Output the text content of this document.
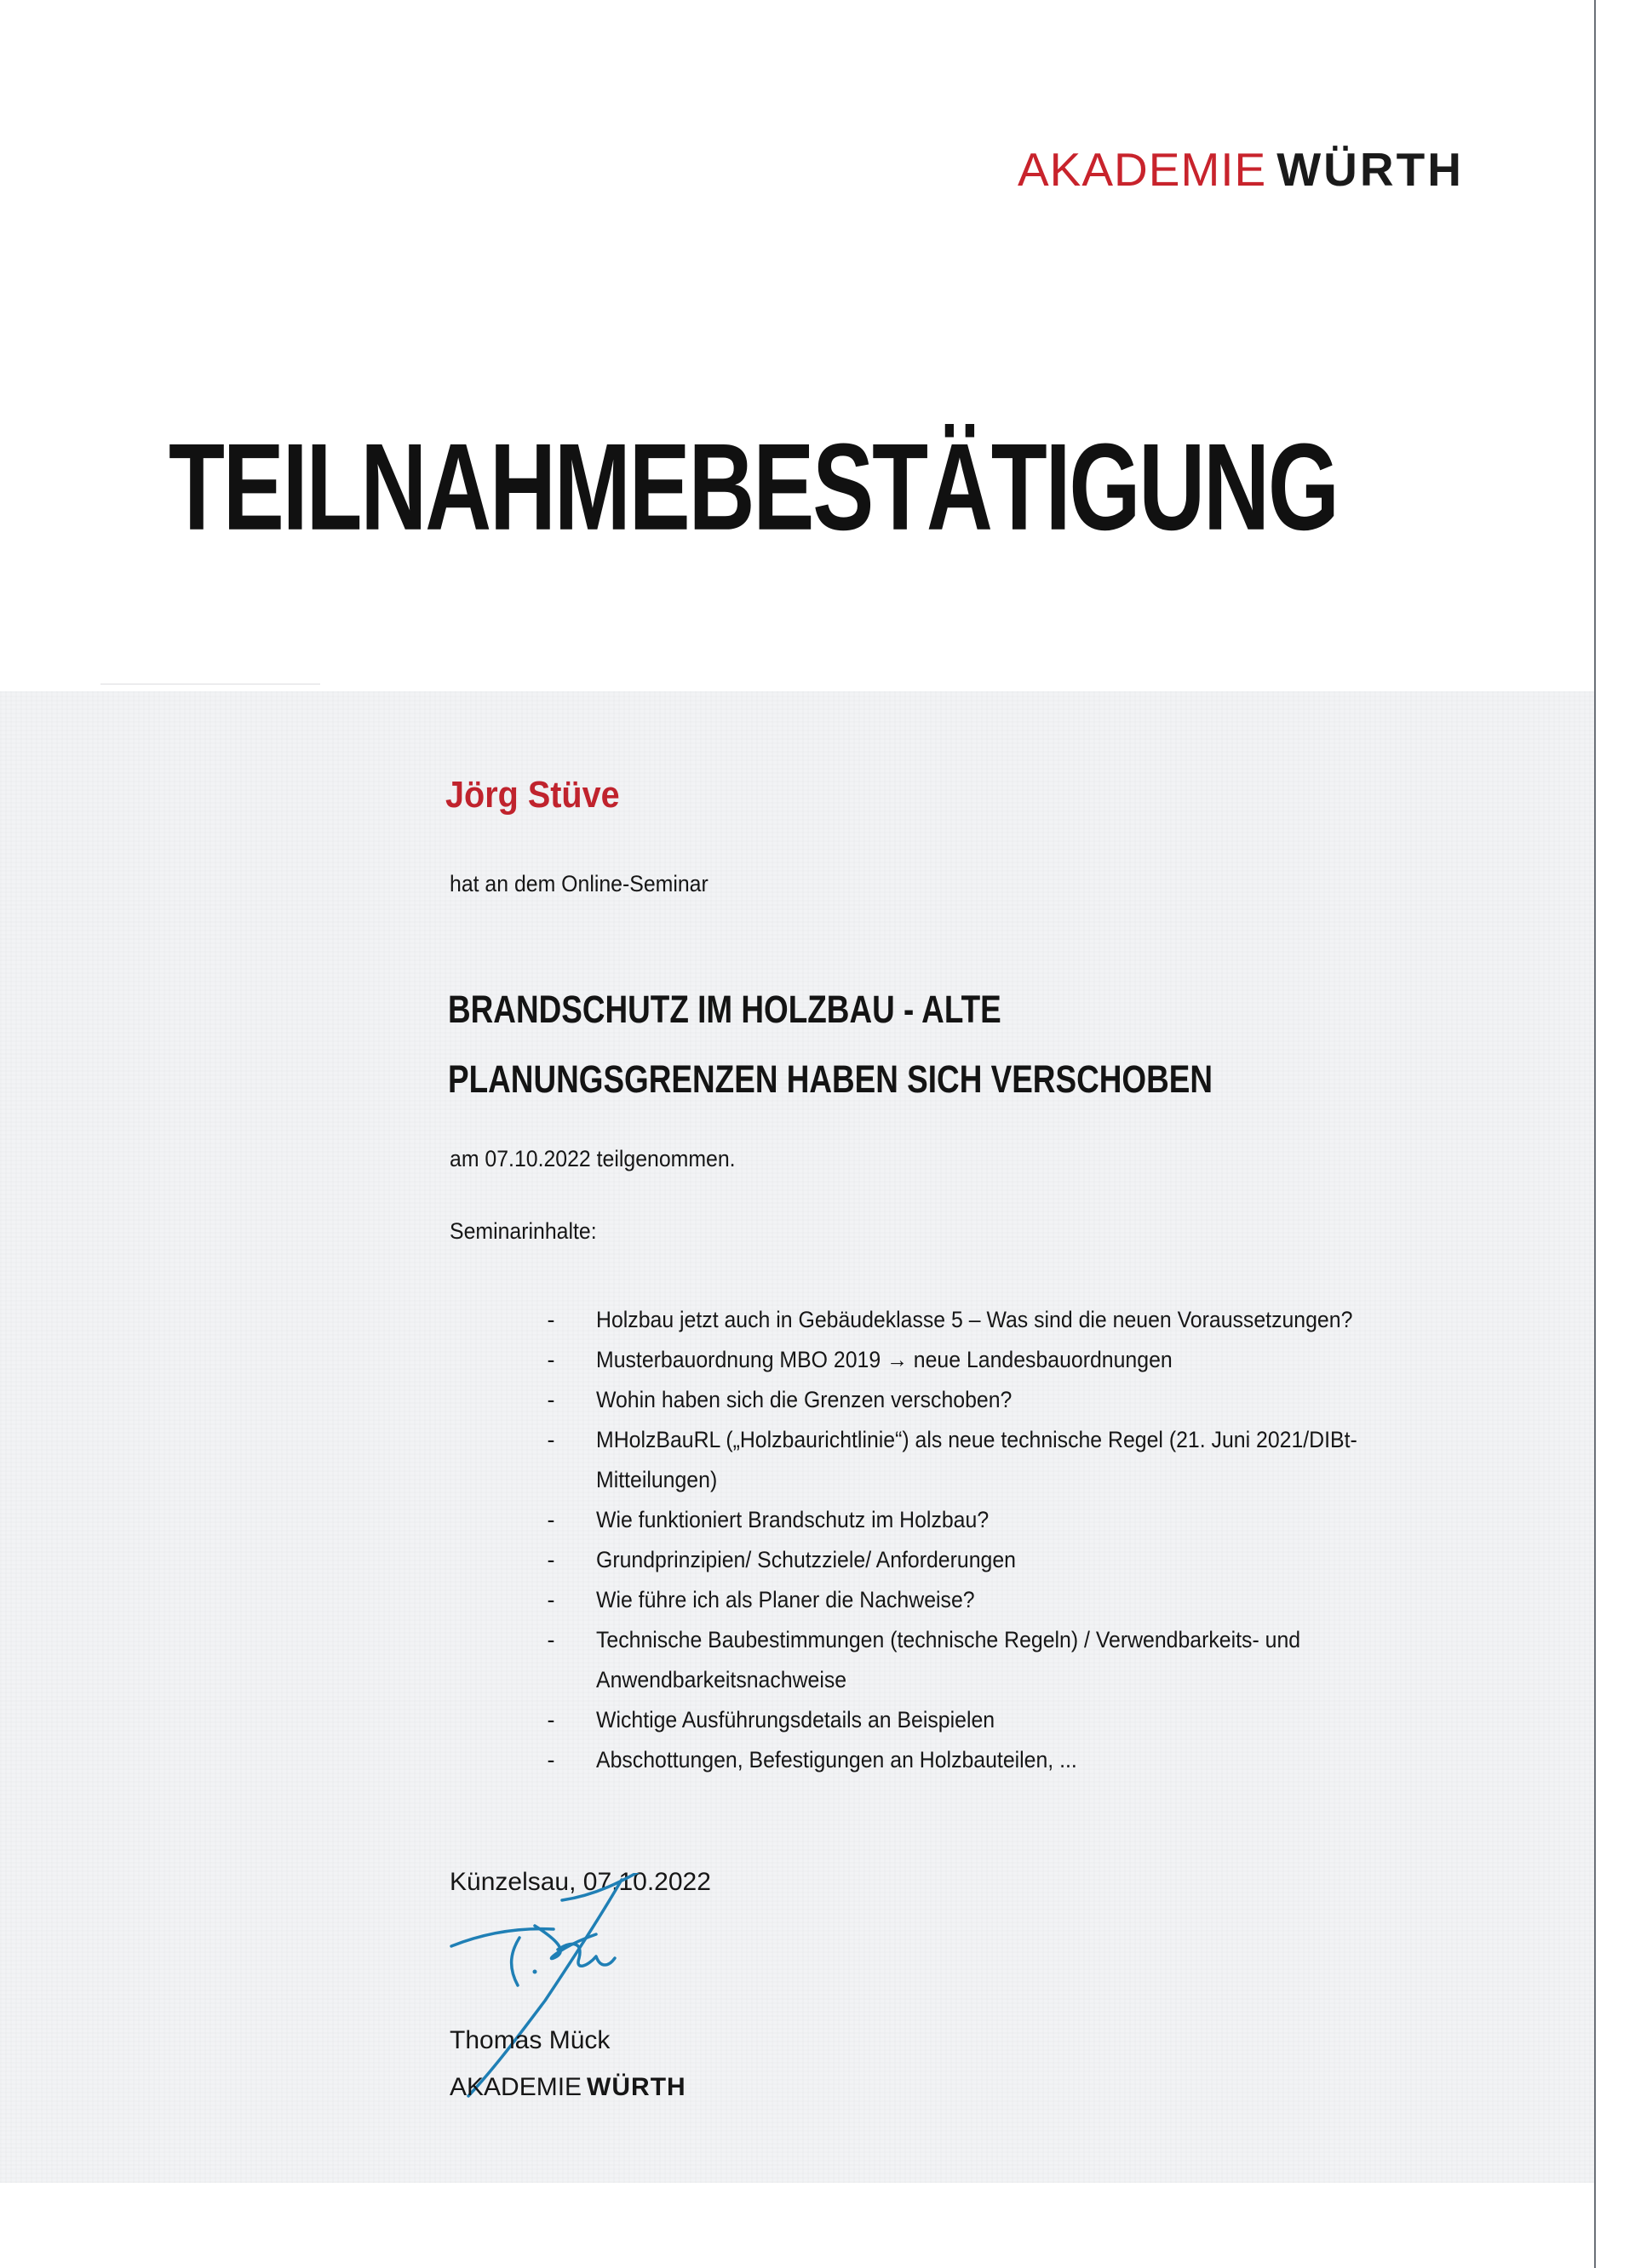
AKADEMIE WÜRTH
TEILNAHMEBESTÄTIGUNG
Jörg Stüve
hat an dem Online-Seminar
BRANDSCHUTZ IM HOLZBAU - ALTE
PLANUNGSGRENZEN HABEN SICH VERSCHOBEN
am 07.10.2022 teilgenommen.
Seminarinhalte:
- Holzbau jetzt auch in Gebäudeklasse 5 – Was sind die neuen Voraussetzungen?
- Musterbauordnung MBO 2019 → neue Landesbauordnungen
- Wohin haben sich die Grenzen verschoben?
- MHolzBauRL („Holzbaurichtlinie“) als neue technische Regel (21. Juni 2021/DIBt-Mitteilungen)
- Wie funktioniert Brandschutz im Holzbau?
- Grundprinzipien/ Schutzziele/ Anforderungen
- Wie führe ich als Planer die Nachweise?
- Technische Baubestimmungen (technische Regeln) / Verwendbarkeits- und Anwendbarkeitsnachweise
- Wichtige Ausführungsdetails an Beispielen
- Abschottungen, Befestigungen an Holzbauteilen, ...
Künzelsau, 07.10.2022
Thomas Mück
AKADEMIE WÜRTH
